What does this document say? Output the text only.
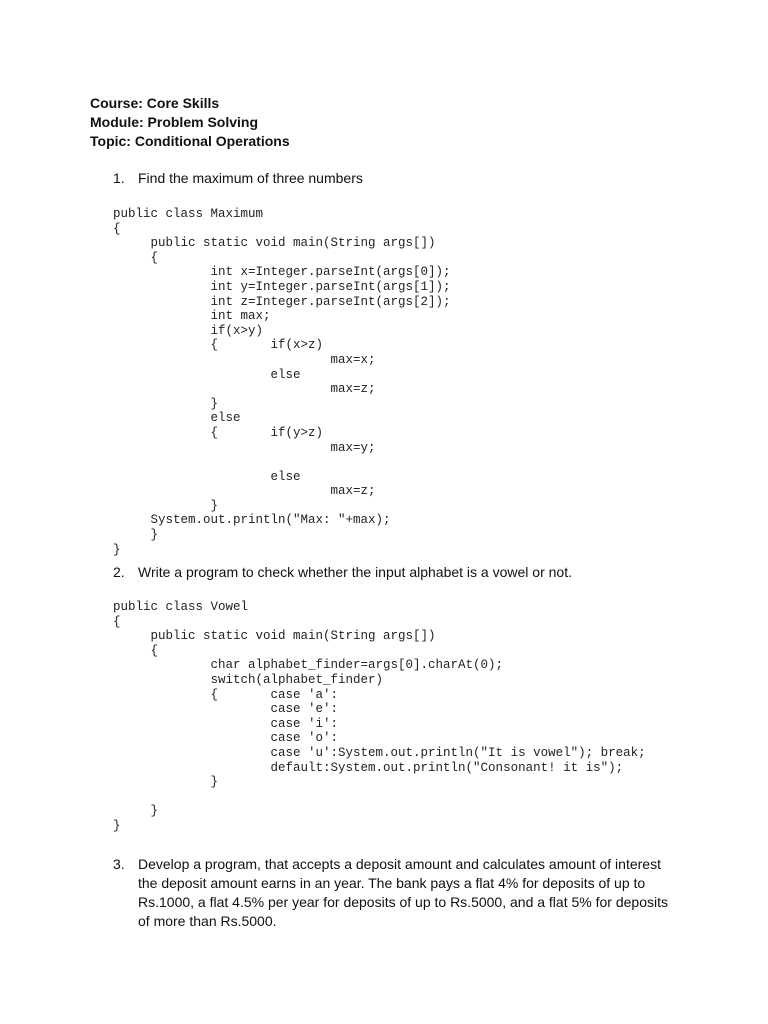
Course: Core Skills
Module: Problem Solving
Topic: Conditional Operations
1. Find the maximum of three numbers
public class Maximum
{
public static void main(String args[])
{
int x=Integer.parseInt(args[0]);
int y=Integer.parseInt(args[1]);
int z=Integer.parseInt(args[2]);
int max;
if(x>y)
{       if(x>z)
max=x;
else
max=z;
}
else
{       if(y>z)
max=y;

else
max=z;
}
System.out.println("Max: "+max);
}
}
2. Write a program to check whether the input alphabet is a vowel or not.
public class Vowel
{
public static void main(String args[])
{
char alphabet_finder=args[0].charAt(0);
switch(alphabet_finder)
{       case 'a':
case 'e':
case 'i':
case 'o':
case 'u':System.out.println("It is vowel"); break;
default:System.out.println("Consonant! it is");
}

}
}
3. Develop a program, that accepts a deposit amount and calculates amount of interest the deposit amount earns in an year. The bank pays a flat 4% for deposits of up to Rs.1000, a flat 4.5% per year for deposits of up to Rs.5000, and a flat 5% for deposits of more than Rs.5000.
